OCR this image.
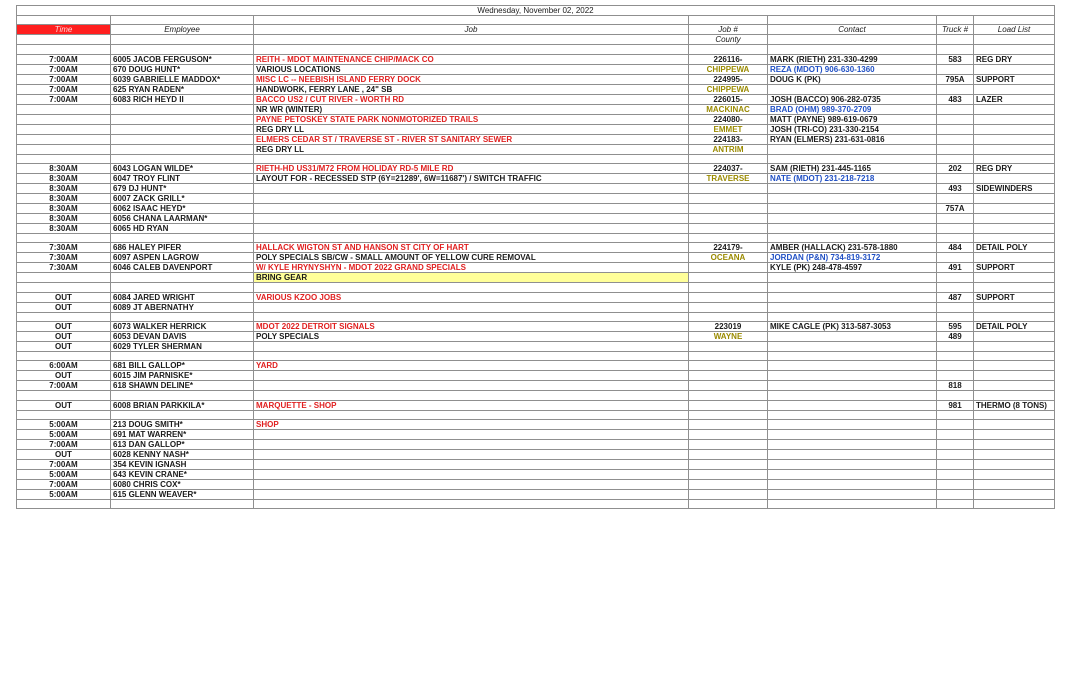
Wednesday, November 02, 2022						

Time	Employee	Job	Job #	Contact	Truck #	Load List
			County			

7:00AM	6005 JACOB FERGUSON*	REITH - MDOT MAINTENANCE CHIP/MACK CO	226116-	MARK (RIETH) 231-330-4299	583	REG DRY
7:00AM	670 DOUG HUNT*	VARIOUS LOCATIONS	CHIPPEWA	REZA (MDOT) 906-630-1360		
7:00AM	6039 GABRIELLE MADDOX*	MISC LC -- NEEBISH ISLAND FERRY DOCK	224995-	DOUG K (PK)	795A	SUPPORT
7:00AM	625 RYAN RADEN*	HANDWORK, FERRY LANE , 24" SB	CHIPPEWA			
7:00AM	6083 RICH HEYD II	BACCO US2 / CUT RIVER - WORTH RD	226015-	JOSH (BACCO) 906-282-0735	483	LAZER
		NR WR (WINTER)	MACKINAC	BRAD (OHM) 989-370-2709		
		PAYNE PETOSKEY STATE PARK NONMOTORIZED TRAILS	224080-	MATT (PAYNE) 989-619-0679		
		REG DRY LL	EMMET	JOSH (TRI-CO) 231-330-2154		
		ELMERS CEDAR ST / TRAVERSE ST - RIVER ST SANITARY SEWER	224183-	RYAN (ELMERS) 231-631-0816		
		REG DRY LL	ANTRIM			

8:30AM	6043 LOGAN WILDE*	RIETH-HD US31/M72 FROM HOLIDAY RD-5 MILE RD	224037-	SAM (RIETH) 231-445-1165	202	REG DRY
8:30AM	6047 TROY FLINT	LAYOUT FOR - RECESSED STP (6Y=21289', 6W=11687') / SWITCH TRAFFIC	TRAVERSE	NATE (MDOT) 231-218-7218		
8:30AM	679 DJ HUNT*				493	SIDEWINDERS
8:30AM	6007 ZACK GRILL*					
8:30AM	6062 ISAAC HEYD*				757A	
8:30AM	6056 CHANA LAARMAN*					
8:30AM	6065 HD RYAN					

7:30AM	686 HALEY PIFER	HALLACK WIGTON ST AND HANSON ST CITY OF HART	224179-	AMBER (HALLACK) 231-578-1880	484	DETAIL POLY
7:30AM	6097 ASPEN LAGROW	POLY SPECIALS SB/CW - SMALL AMOUNT OF YELLOW CURE REMOVAL	OCEANA	JORDAN (P&N) 734-819-3172		
7:30AM	6046 CALEB DAVENPORT	W/ KYLE HRYNYSHYN - MDOT 2022 GRAND SPECIALS		KYLE (PK) 248-478-4597	491	SUPPORT
		BRING GEAR				

OUT	6084 JARED WRIGHT	VARIOUS KZOO JOBS			487	SUPPORT
OUT	6089 JT ABERNATHY					

OUT	6073 WALKER HERRICK	MDOT 2022 DETROIT SIGNALS	223019	MIKE CAGLE (PK) 313-587-3053	595	DETAIL POLY
OUT	6053 DEVAN DAVIS	POLY SPECIALS	WAYNE		489	
OUT	6029 TYLER SHERMAN					

6:00AM	681 BILL GALLOP*	YARD				
OUT	6015 JIM PARNISKE*					
7:00AM	618 SHAWN DELINE*				818	

OUT	6008 BRIAN PARKKILA*	MARQUETTE - SHOP			981	THERMO (8 TONS)

5:00AM	213 DOUG SMITH*	SHOP				
5:00AM	691 MAT WARREN*					
7:00AM	613 DAN GALLOP*					
OUT	6028 KENNY NASH*					
7:00AM	354 KEVIN IGNASH					
5:00AM	643 KEVIN CRANE*					
7:00AM	6080 CHRIS COX*					
5:00AM	615 GLENN WEAVER*					
